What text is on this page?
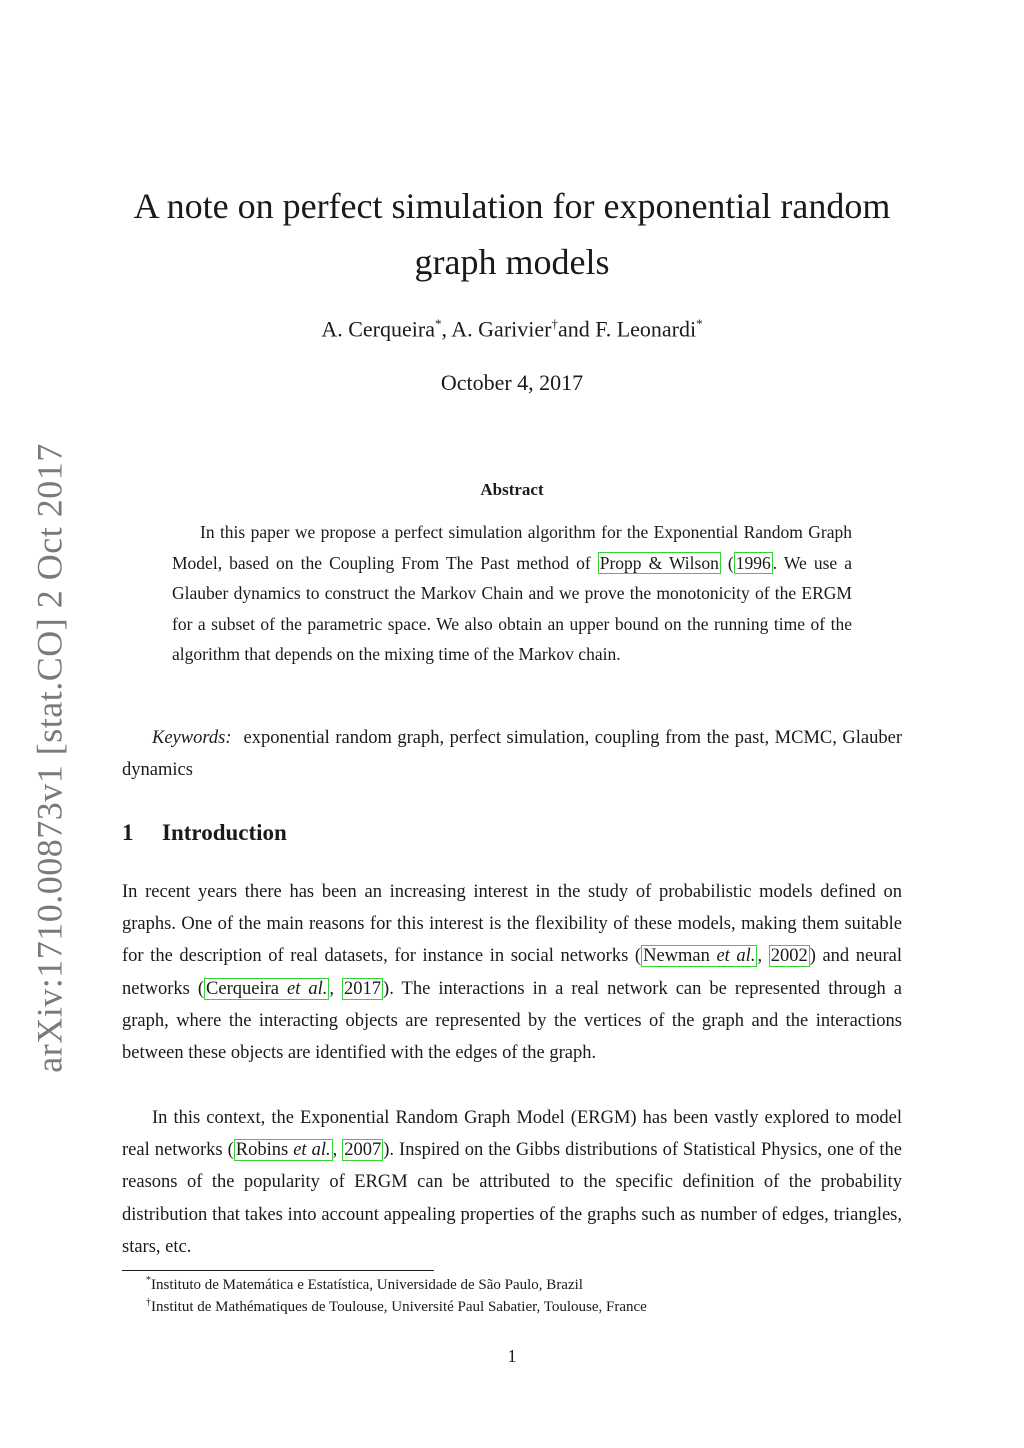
arXiv:1710.00873v1 [stat.CO] 2 Oct 2017
A note on perfect simulation for exponential random graph models
A. Cerqueira*, A. Garivier†and F. Leonardi*
October 4, 2017
Abstract

In this paper we propose a perfect simulation algorithm for the Exponential Random Graph Model, based on the Coupling From The Past method of Propp & Wilson ( 1996 . We use a Glauber dynamics to construct the Markov Chain and we prove the monotonicity of the ERGM for a subset of the parametric space. We also obtain an upper bound on the running time of the algorithm that depends on the mixing time of the Markov chain.

Keywords: exponential random graph, perfect simulation, coupling from the past, MCMC, Glauber dynamics

1 Introduction

In recent years there has been an increasing interest in the study of probabilistic models defined on graphs. One of the main reasons for this interest is the flexibility of these models, making them suitable for the description of real datasets, for instance in social networks ( Newman et al. , 2002 ) and neural networks ( Cerqueira et al. , 2017 ). The interactions in a real network can be represented through a graph, where the interacting objects are represented by the vertices of the graph and the interactions between these objects are identified with the edges of the graph.

In this context, the Exponential Random Graph Model (ERGM) has been vastly explored to model real networks ( Robins et al. , 2007 ). Inspired on the Gibbs distributions of Statistical Physics, one of the reasons of the popularity of ERGM can be attributed to the specific definition of the probability distribution that takes into account appealing properties of the graphs such as number of edges, triangles, stars, etc.

*Instituto de Matemática e Estatística, Universidade de São Paulo, Brazil

†Institut de Mathématiques de Toulouse, Université Paul Sabatier, Toulouse, France

1
